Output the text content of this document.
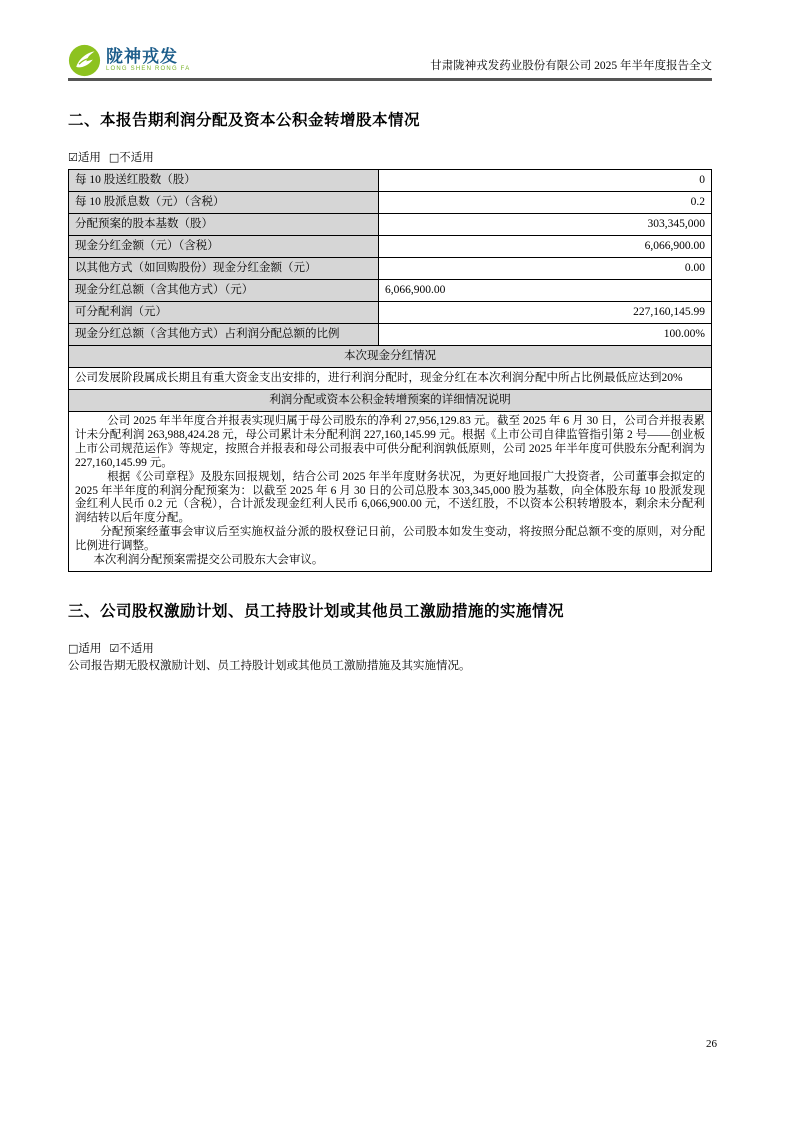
陇神戎发
LONG SHEN RONG FA	甘肃陇神戎发药业股份有限公司 2025 年半年度报告全文
二、本报告期利润分配及资本公积金转增股本情况
☑适用 □不适用
每 10 股送红股数（股）	0
每 10 股派息数（元）（含税）	0.2
分配预案的股本基数（股）	303,345,000
现金分红金额（元）（含税）	6,066,900.00
以其他方式（如回购股份）现金分红金额（元）	0.00
现金分红总额（含其他方式）（元）	6,066,900.00
可分配利润（元）	227,160,145.99
现金分红总额（含其他方式）占利润分配总额的比例	100.00%
本次现金分红情况	
公司发展阶段属成长期且有重大资金支出安排的，进行利润分配时，现金分红在本次利润分配中所占比例最低应达到20%	
利润分配或资本公积金转增预案的详细情况说明	

公司 2025 年半年度合并报表实现归属于母公司股东的净利 27,956,129.83 元。截至 2025 年 6 月 30 日，公司合并报表累计未分配利润 263,988,424.28 元，母公司累计未分配利润 227,160,145.99 元。根据《上市公司自律监管指引第 2 号——创业板上市公司规范运作》等规定，按照合并报表和母公司报表中可供分配利润孰低原则，公司 2025 年半年度可供股东分配利润为 227,160,145.99 元。

根据《公司章程》及股东回报规划，结合公司 2025 年半年度财务状况，为更好地回报广大投资者，公司董事会拟定的 2025 年半年度的利润分配预案为：以截至 2025 年 6 月 30 日的公司总股本 303,345,000 股为基数，向全体股东每 10 股派发现金红利人民币 0.2 元（含税），合计派发现金红利人民币 6,066,900.00 元，不送红股，不以资本公积转增股本，剩余未分配利润结转以后年度分配。

分配预案经董事会审议后至实施权益分派的股权登记日前，公司股本如发生变动，将按照分配总额不变的原则，对分配比例进行调整。

本次利润分配预案需提交公司股东大会审议。	

三、公司股权激励计划、员工持股计划或其他员工激励措施的实施情况
□适用 ☑不适用
公司报告期无股权激励计划、员工持股计划或其他员工激励措施及其实施情况。
26
